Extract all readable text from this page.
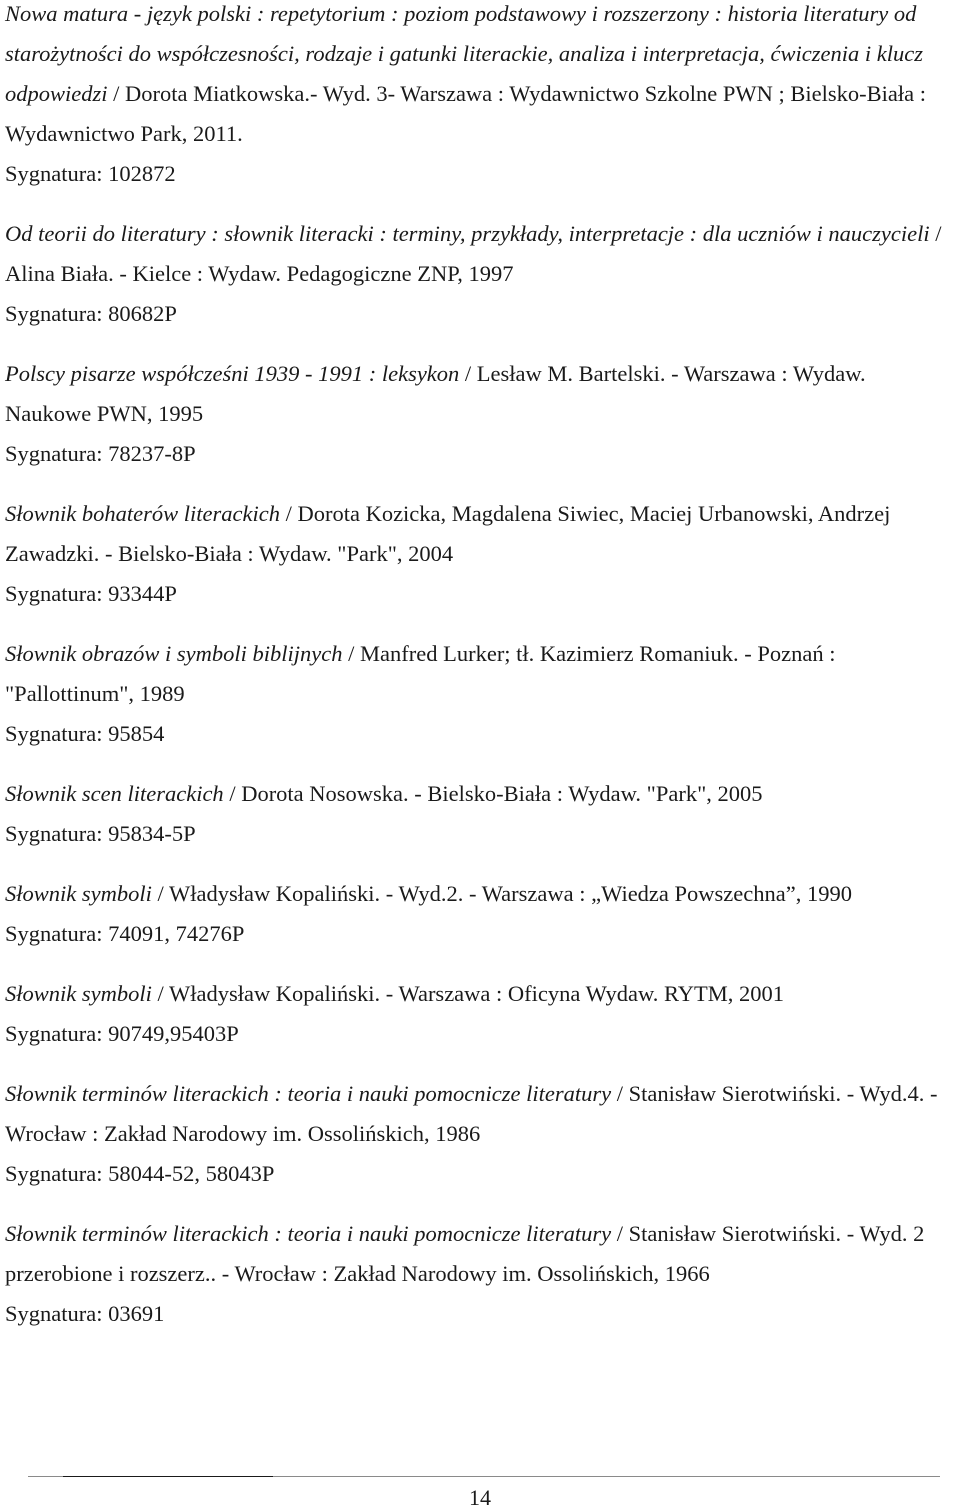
Nowa matura - język polski : repetytorium : poziom podstawowy i rozszerzony : historia literatury od starożytności do współczesności, rodzaje i gatunki literackie, analiza i interpretacja, ćwiczenia i klucz odpowiedzi / Dorota Miatkowska.- Wyd. 3- Warszawa : Wydawnictwo Szkolne PWN ; Bielsko-Biała : Wydawnictwo Park, 2011.
Sygnatura: 102872
Od teorii do literatury : słownik literacki : terminy, przykłady, interpretacje : dla uczniów i nauczycieli / Alina Biała. - Kielce : Wydaw. Pedagogiczne ZNP, 1997
Sygnatura: 80682P
Polscy pisarze współcześni 1939 - 1991 : leksykon / Lesław M. Bartelski. - Warszawa : Wydaw. Naukowe PWN, 1995
Sygnatura: 78237-8P
Słownik bohaterów literackich / Dorota Kozicka, Magdalena Siwiec, Maciej Urbanowski, Andrzej Zawadzki. - Bielsko-Biała : Wydaw. "Park", 2004
Sygnatura: 93344P
Słownik obrazów i symboli biblijnych / Manfred Lurker; tł. Kazimierz Romaniuk. - Poznań : "Pallottinum", 1989
Sygnatura: 95854
Słownik scen literackich / Dorota Nosowska. - Bielsko-Biała : Wydaw. "Park", 2005
Sygnatura: 95834-5P
Słownik symboli / Władysław Kopaliński. - Wyd.2. - Warszawa : „Wiedza Powszechna”, 1990
Sygnatura: 74091, 74276P
Słownik symboli / Władysław Kopaliński. - Warszawa : Oficyna Wydaw. RYTM, 2001
Sygnatura: 90749,95403P
Słownik terminów literackich : teoria i nauki pomocnicze literatury / Stanisław Sierotwiński. - Wyd.4. - Wrocław : Zakład Narodowy im. Ossolińskich, 1986
Sygnatura: 58044-52, 58043P
Słownik terminów literackich : teoria i nauki pomocnicze literatury / Stanisław Sierotwiński. - Wyd. 2 przerobione i rozszerz.. - Wrocław : Zakład Narodowy im. Ossolińskich, 1966
Sygnatura: 03691
14
